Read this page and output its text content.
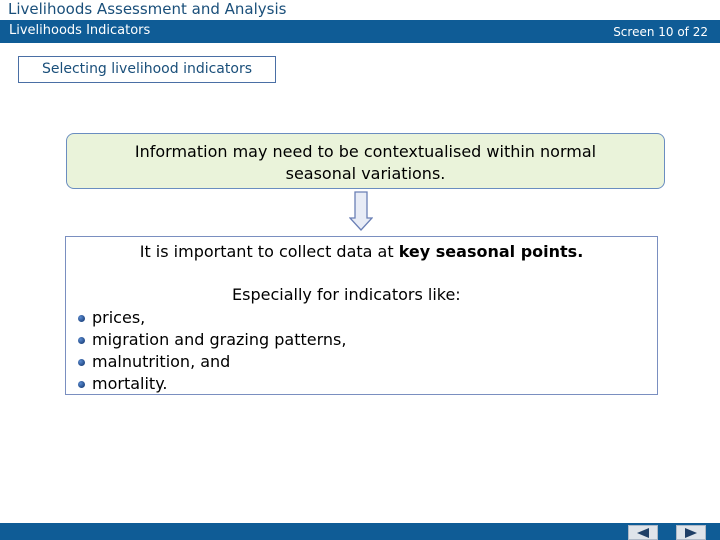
Livelihoods Assessment and Analysis
Livelihoods Indicators	Screen 10 of 22
Selecting livelihood indicators
Information may need to be contextualised within normal
seasonal variations.
It is important to collect data at key seasonal points.
Especially for indicators like:
prices,
migration and grazing patterns,
malnutrition, and
mortality.
